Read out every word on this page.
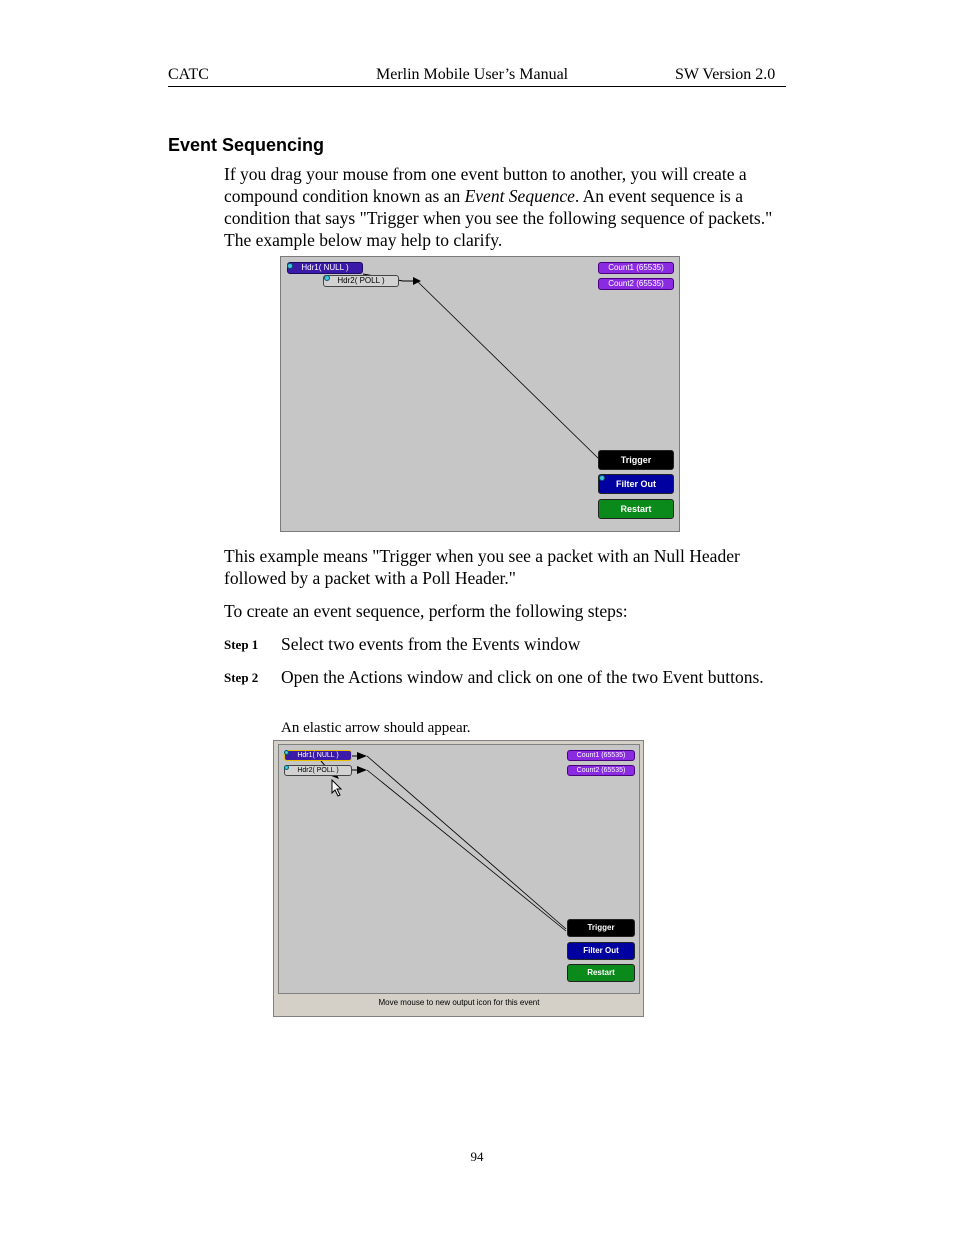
CATC	Merlin Mobile User’s Manual	SW Version 2.0
Event Sequencing
If you drag your mouse from one event button to another, you will create a compound condition known as an Event Sequence. An event sequence is a condition that says "Trigger when you see the following sequence of packets." The example below may help to clarify.
Hdr1( NULL )
Hdr2( POLL )
Count1 (65535)
Count2 (65535)
Trigger
Filter Out
Restart
This example means "Trigger when you see a packet with an Null Header followed by a packet with a Poll Header."
To create an event sequence, perform the following steps:
Step 1 Select two events from the Events window
Step 2 Open the Actions window and click on one of the two Event buttons.
An elastic arrow should appear.
Hdr1( NULL )
Hdr2( POLL )
Count1 (65535)
Count2 (65535)
Trigger
Filter Out
Restart
Move mouse to new output icon for this event
94
